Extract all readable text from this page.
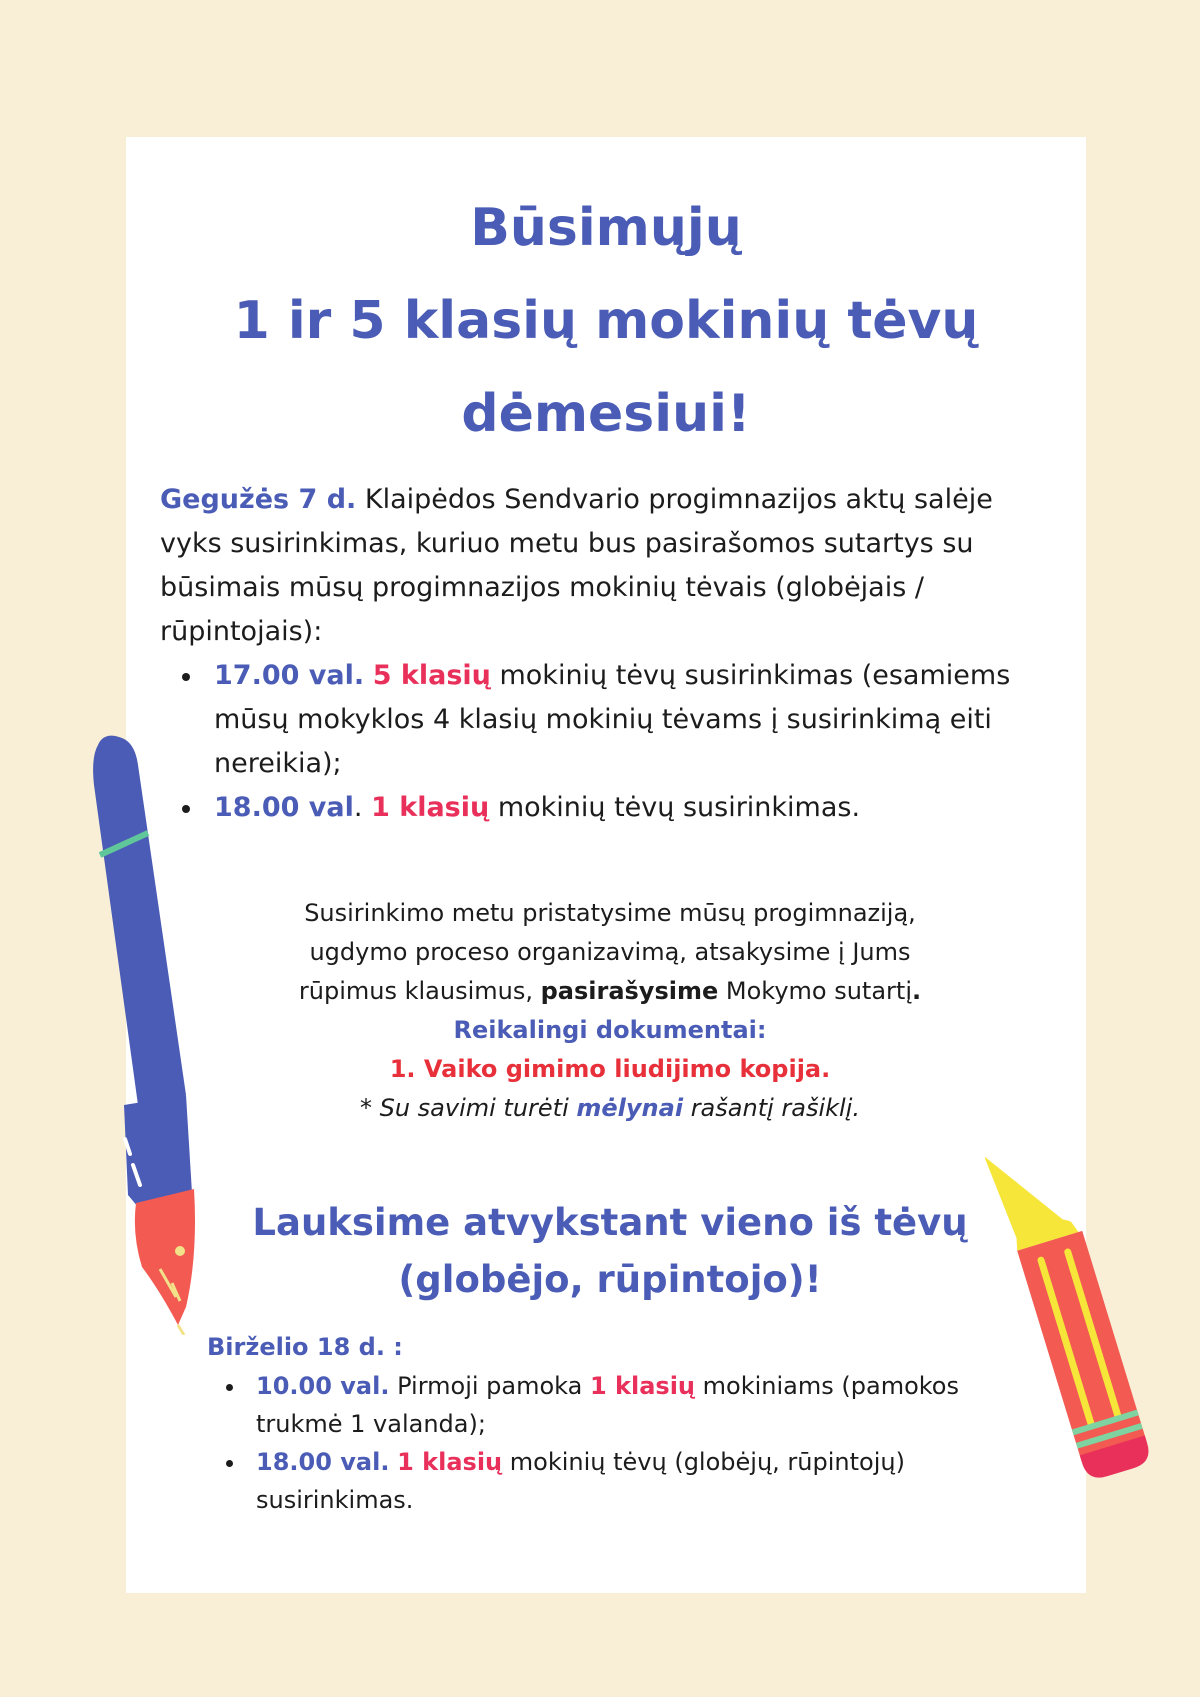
Būsimųjų
1 ir 5 klasių mokinių tėvų
dėmesiui!

Gegužės 7 d. Klaipėdos Sendvario progimnazijos aktų salėje vyks susirinkimas, kuriuo metu bus pasirašomos sutartys su būsimais mūsų progimnazijos mokinių tėvais (globėjais / rūpintojais):

17.00 val. 5 klasių mokinių tėvų susirinkimas (esamiems mūsų mokyklos 4 klasių mokinių tėvams į susirinkimą eiti nereikia);
18.00 val. 1 klasių mokinių tėvų susirinkimas.

Susirinkimo metu pristatysime mūsų progimnaziją, ugdymo proceso organizavimą, atsakysime į Jums rūpimus klausimus, pasirašysime Mokymo sutartį.

Reikalingi dokumentai:

1. Vaiko gimimo liudijimo kopija.

* Su savimi turėti mėlynai rašantį rašiklį.

Lauksime atvykstant vieno iš tėvų
(globėjo, rūpintojo)!

Birželio 18 d. :

10.00 val. Pirmoji pamoka 1 klasių mokiniams (pamokos trukmė 1 valanda);
18.00 val. 1 klasių mokinių tėvų (globėjų, rūpintojų) susirinkimas.
